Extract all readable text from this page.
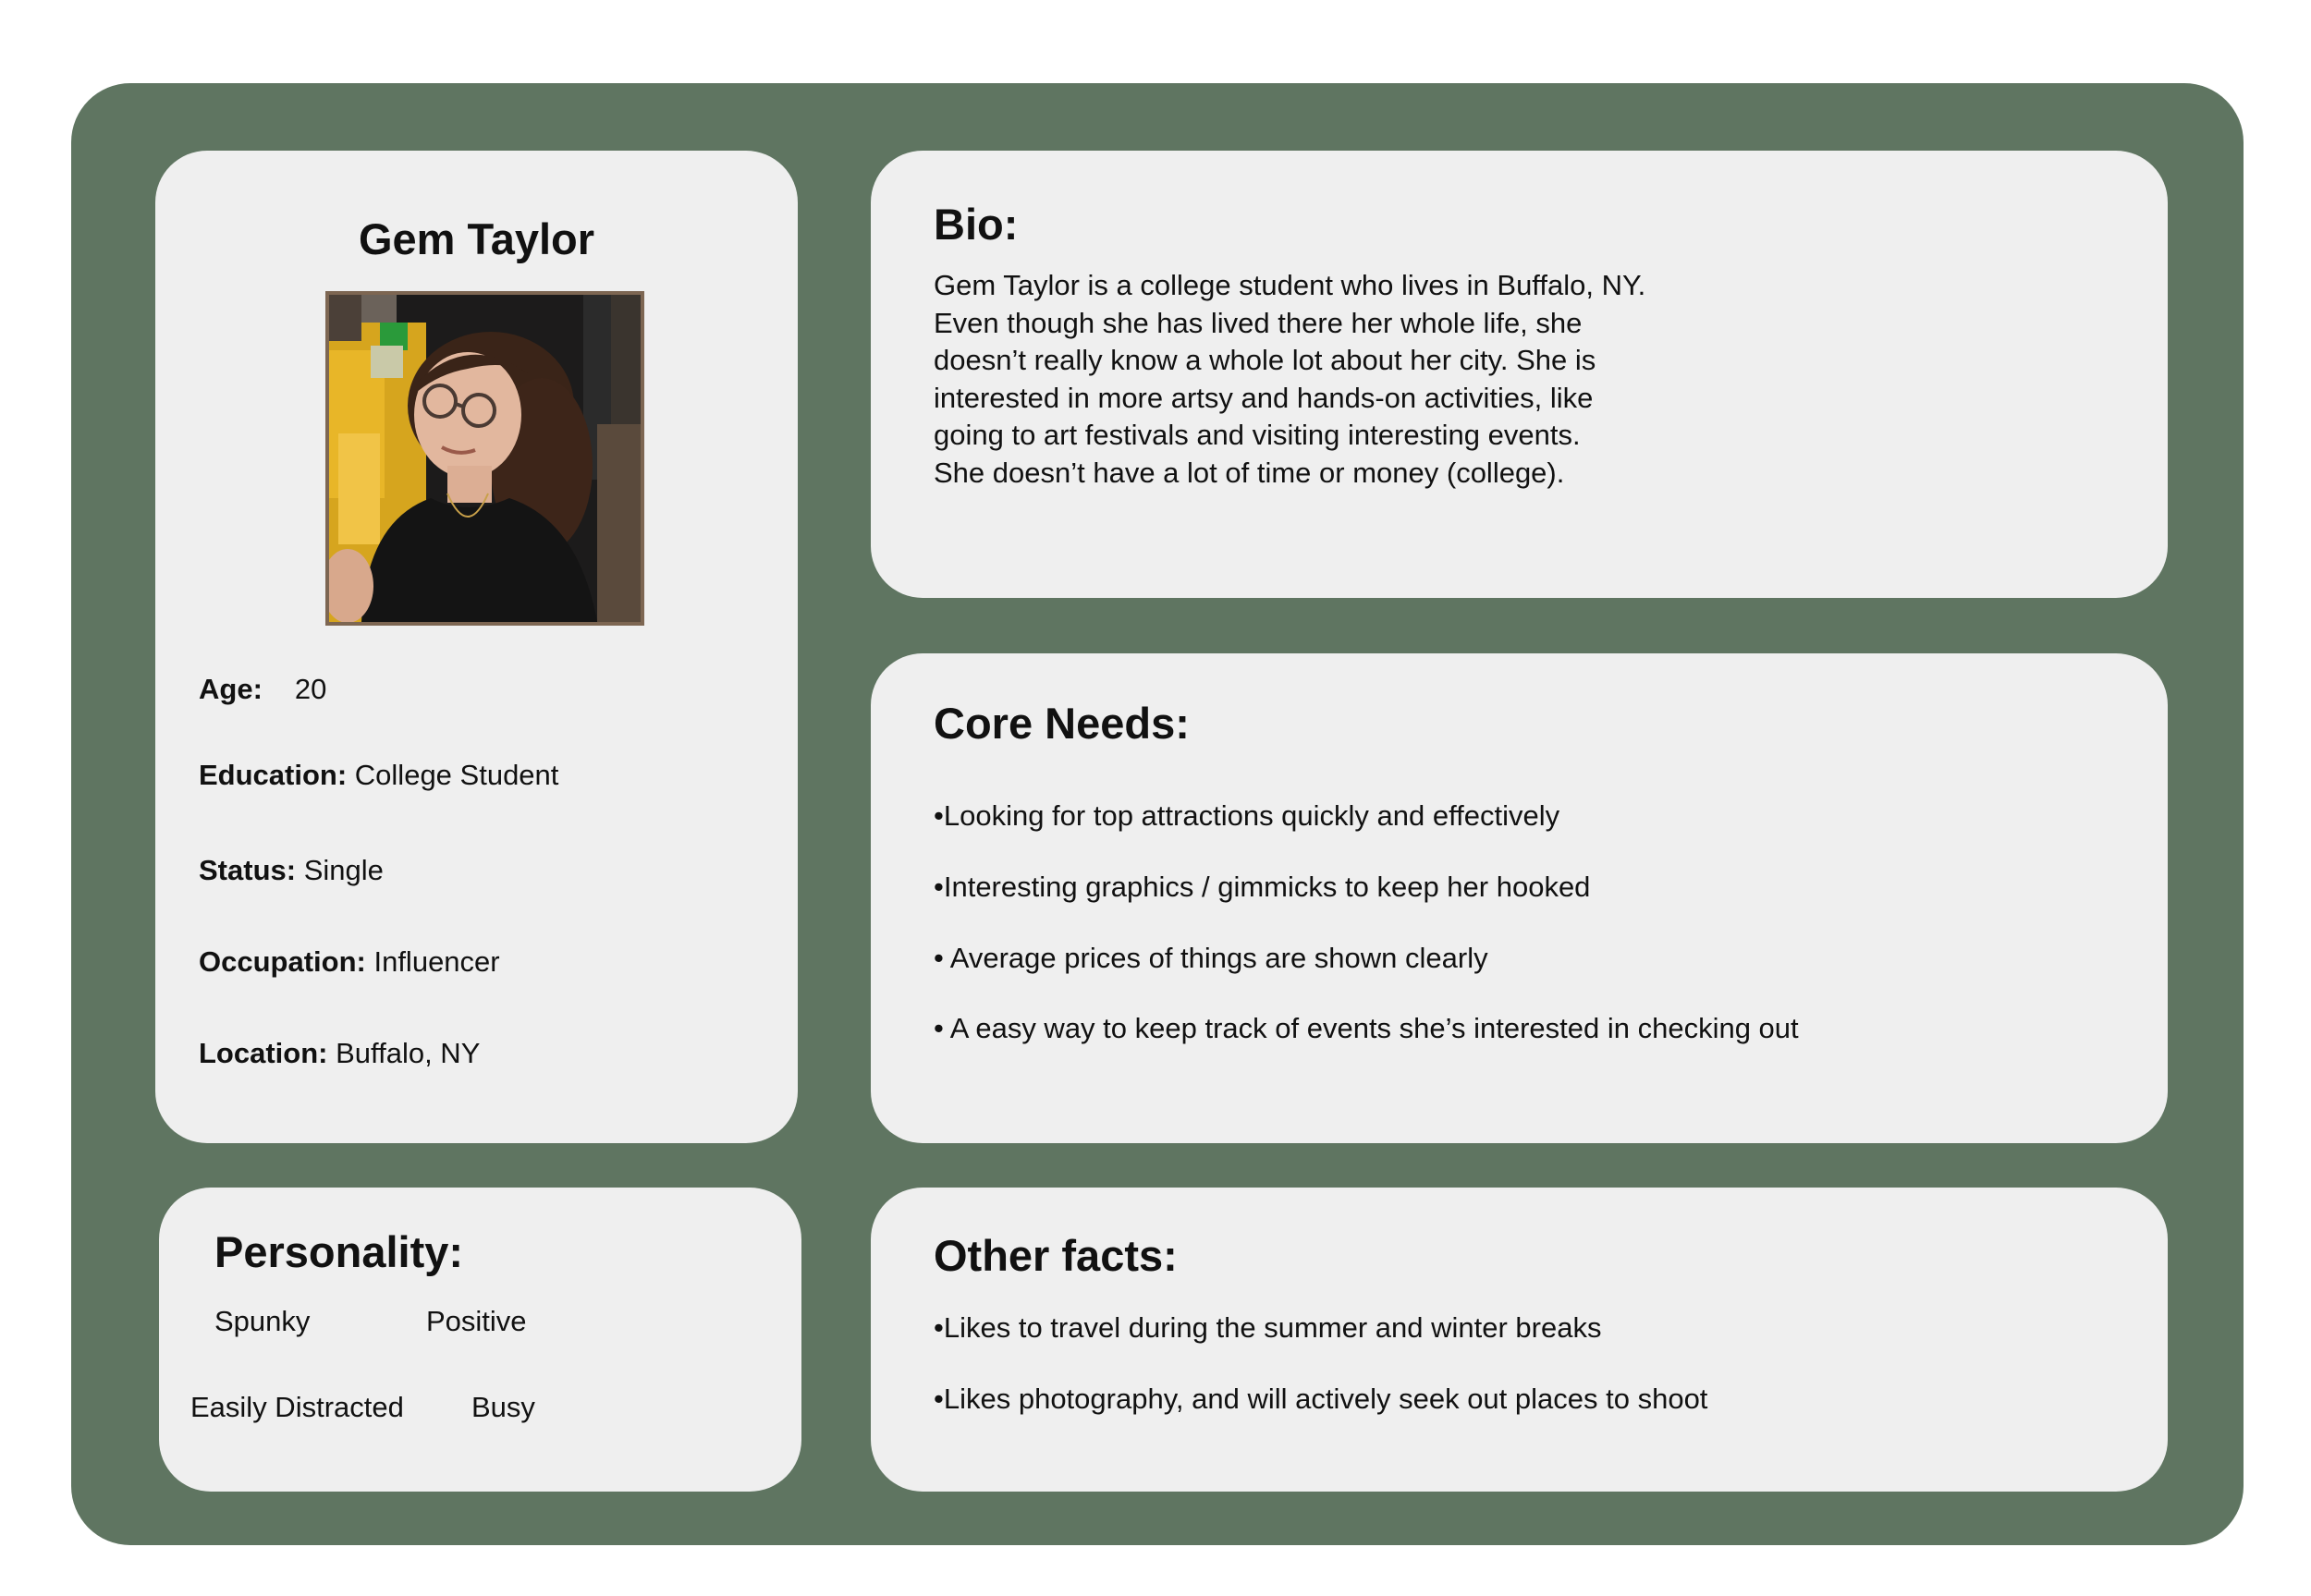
Gem Taylor
Age: 20
Education: College Student
Status: Single
Occupation: Influencer
Location: Buffalo, NY
Bio:
Gem Taylor is a college student who lives in Buffalo, NY.
Even though she has lived there her whole life, she
doesn’t really know a whole lot about her city. She is
interested in more artsy and hands-on activities, like
going to art festivals and visiting interesting events.
She doesn’t have a lot of time or money (college).
Core Needs:
•Looking for top attractions quickly and effectively
•Interesting graphics / gimmicks to keep her hooked
• Average prices of things are shown clearly
• A easy way to keep track of events she’s interested in checking out
Personality:
Spunky	Positive
Easily Distracted Busy
Other facts:
•Likes to travel during the summer and winter breaks
•Likes photography, and will actively seek out places to shoot
